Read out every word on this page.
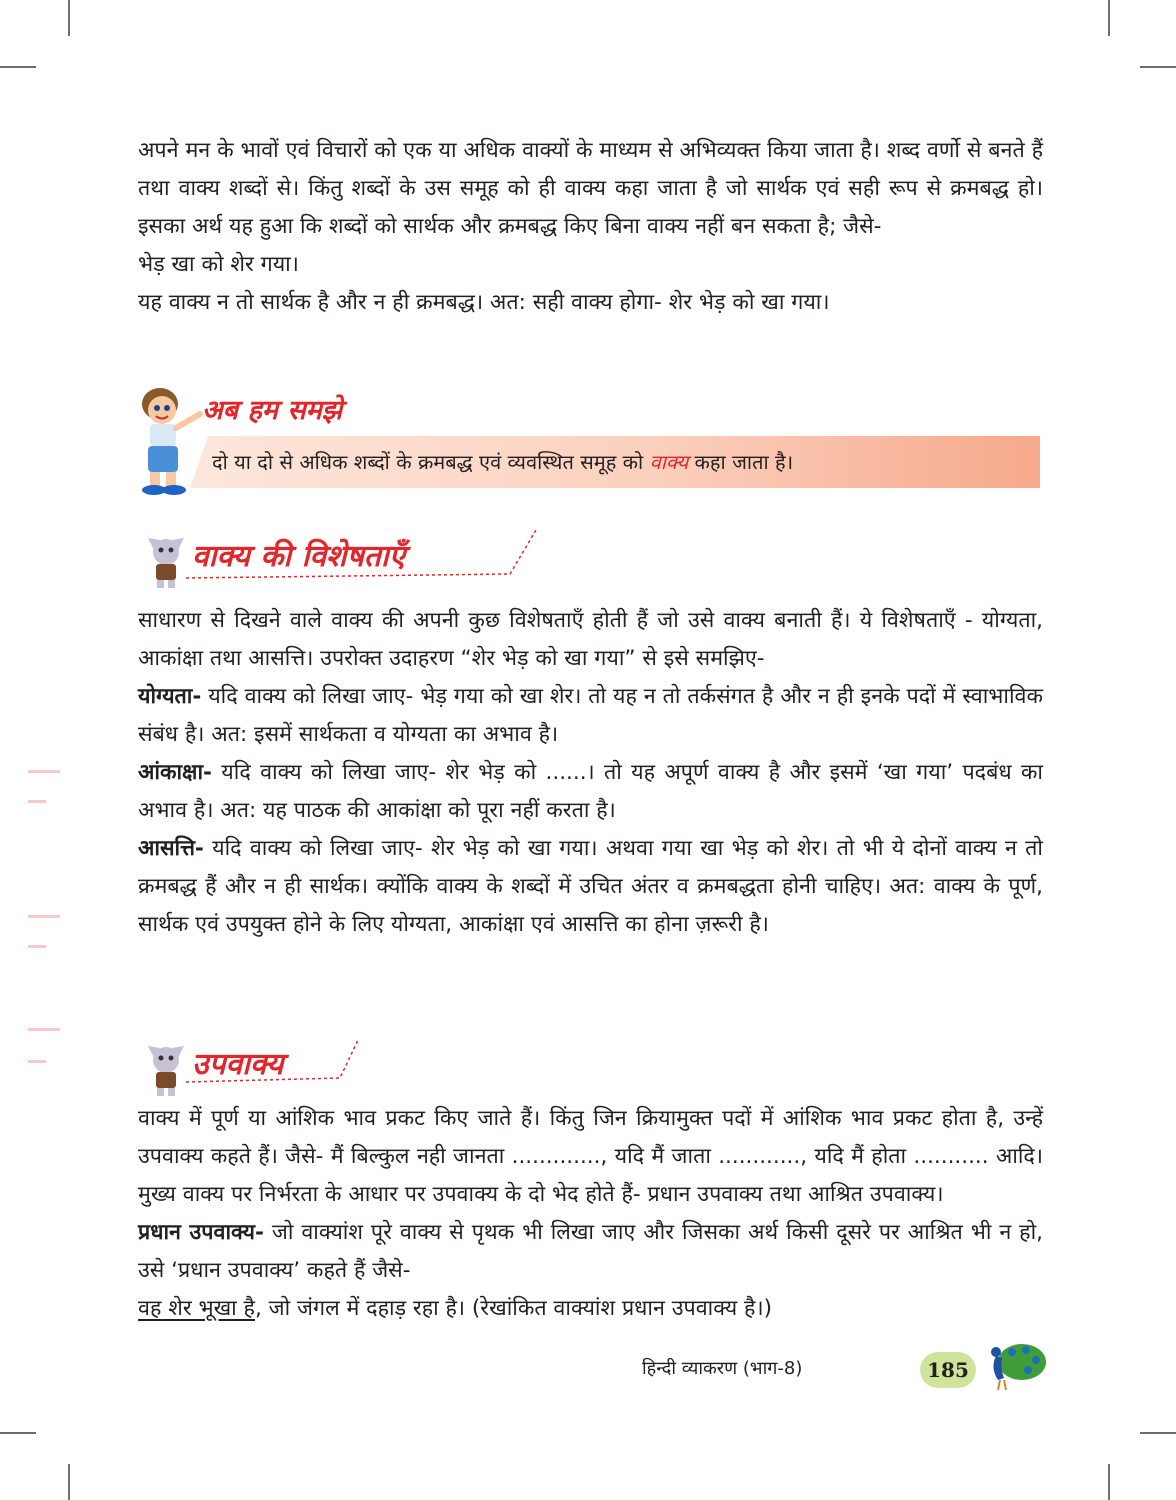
अपने मन के भावों एवं विचारों को एक या अधिक वाक्यों के माध्यम से अभिव्यक्त किया जाता है। शब्द वर्णो से बनते हैं तथा वाक्य शब्दों से। किंतु शब्दों के उस समूह को ही वाक्य कहा जाता है जो सार्थक एवं सही रूप से क्रमबद्ध हो। इसका अर्थ यह हुआ कि शब्दों को सार्थक और क्रमबद्ध किए बिना वाक्य नहीं बन सकता है; जैसे-

भेड़ खा को शेर गया।

यह वाक्य न तो सार्थक है और न ही क्रमबद्ध। अत: सही वाक्य होगा- शेर भेड़ को खा गया।

अब हम समझे
दो या दो से अधिक शब्दों के क्रमबद्ध एवं व्यवस्थित समूह को वाक्य कहा जाता है।
वाक्य की विशेषताएँ

साधारण से दिखने वाले वाक्य की अपनी कुछ विशेषताएँ होती हैं जो उसे वाक्य बनाती हैं। ये विशेषताएँ - योग्यता, आकांक्षा तथा आसत्ति। उपरोक्त उदाहरण “शेर भेड़ को खा गया” से इसे समझिए-

योग्यता- यदि वाक्य को लिखा जाए- भेड़ गया को खा शेर। तो यह न तो तर्कसंगत है और न ही इनके पदों में स्वाभाविक संबंध है। अत: इसमें सार्थकता व योग्यता का अभाव है।

आंकाक्षा- यदि वाक्य को लिखा जाए- शेर भेड़ को ......। तो यह अपूर्ण वाक्य है और इसमें ‘खा गया’ पदबंध का अभाव है। अत: यह पाठक की आकांक्षा को पूरा नहीं करता है।

आसत्ति- यदि वाक्य को लिखा जाए- शेर भेड़ को खा गया। अथवा गया खा भेड़ को शेर। तो भी ये दोनों वाक्य न तो क्रमबद्ध हैं और न ही सार्थक। क्योंकि वाक्य के शब्दों में उचित अंतर व क्रमबद्धता होनी चाहिए। अत: वाक्य के पूर्ण, सार्थक एवं उपयुक्त होने के लिए योग्यता, आकांक्षा एवं आसत्ति का होना ज़रूरी है।

उपवाक्य

वाक्य में पूर्ण या आंशिक भाव प्रकट किए जाते हैं। किंतु जिन क्रियामुक्त पदों में आंशिक भाव प्रकट होता है, उन्हें उपवाक्य कहते हैं। जैसे- मैं बिल्कुल नही जानता ............., यदि मैं जाता ............, यदि मैं होता ........... आदि। मुख्य वाक्य पर निर्भरता के आधार पर उपवाक्य के दो भेद होते हैं- प्रधान उपवाक्य तथा आश्रित उपवाक्य।

प्रधान उपवाक्य- जो वाक्यांश पूरे वाक्य से पृथक भी लिखा जाए और जिसका अर्थ किसी दूसरे पर आश्रित भी न हो, उसे ‘प्रधान उपवाक्य’ कहते हैं जैसे-

वह शेर भूखा है, जो जंगल में दहाड़ रहा है। (रेखांकित वाक्यांश प्रधान उपवाक्य है।)

हिन्दी व्याकरण (भाग-8)	185
